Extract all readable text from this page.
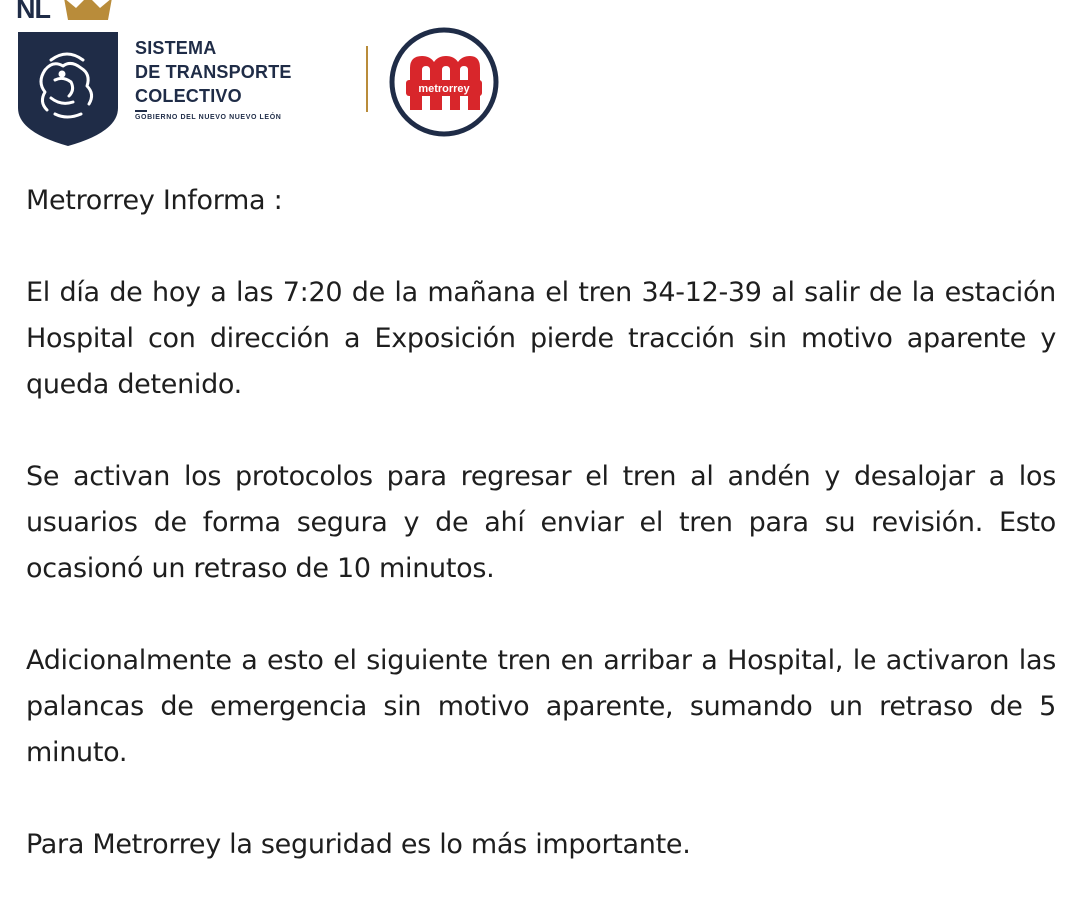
NL
SISTEMA
DE TRANSPORTE
COLECTIVO
GOBIERNO DEL NUEVO NUEVO LEÓN
metrorrey

Metrorrey Informa :

El día de hoy a las 7:20 de la mañana el tren 34-12-39 al salir de la estación Hospital con dirección a Exposición pierde tracción sin motivo aparente y queda detenido.

Se activan los protocolos para regresar el tren al andén y desalojar a los usuarios de forma segura y de ahí enviar el tren para su revisión. Esto ocasionó un retraso de 10 minutos.

Adicionalmente a esto el siguiente tren en arribar a Hospital, le activaron las palancas de emergencia sin motivo aparente, sumando un retraso de 5 minuto.

Para Metrorrey la seguridad es lo más importante.
